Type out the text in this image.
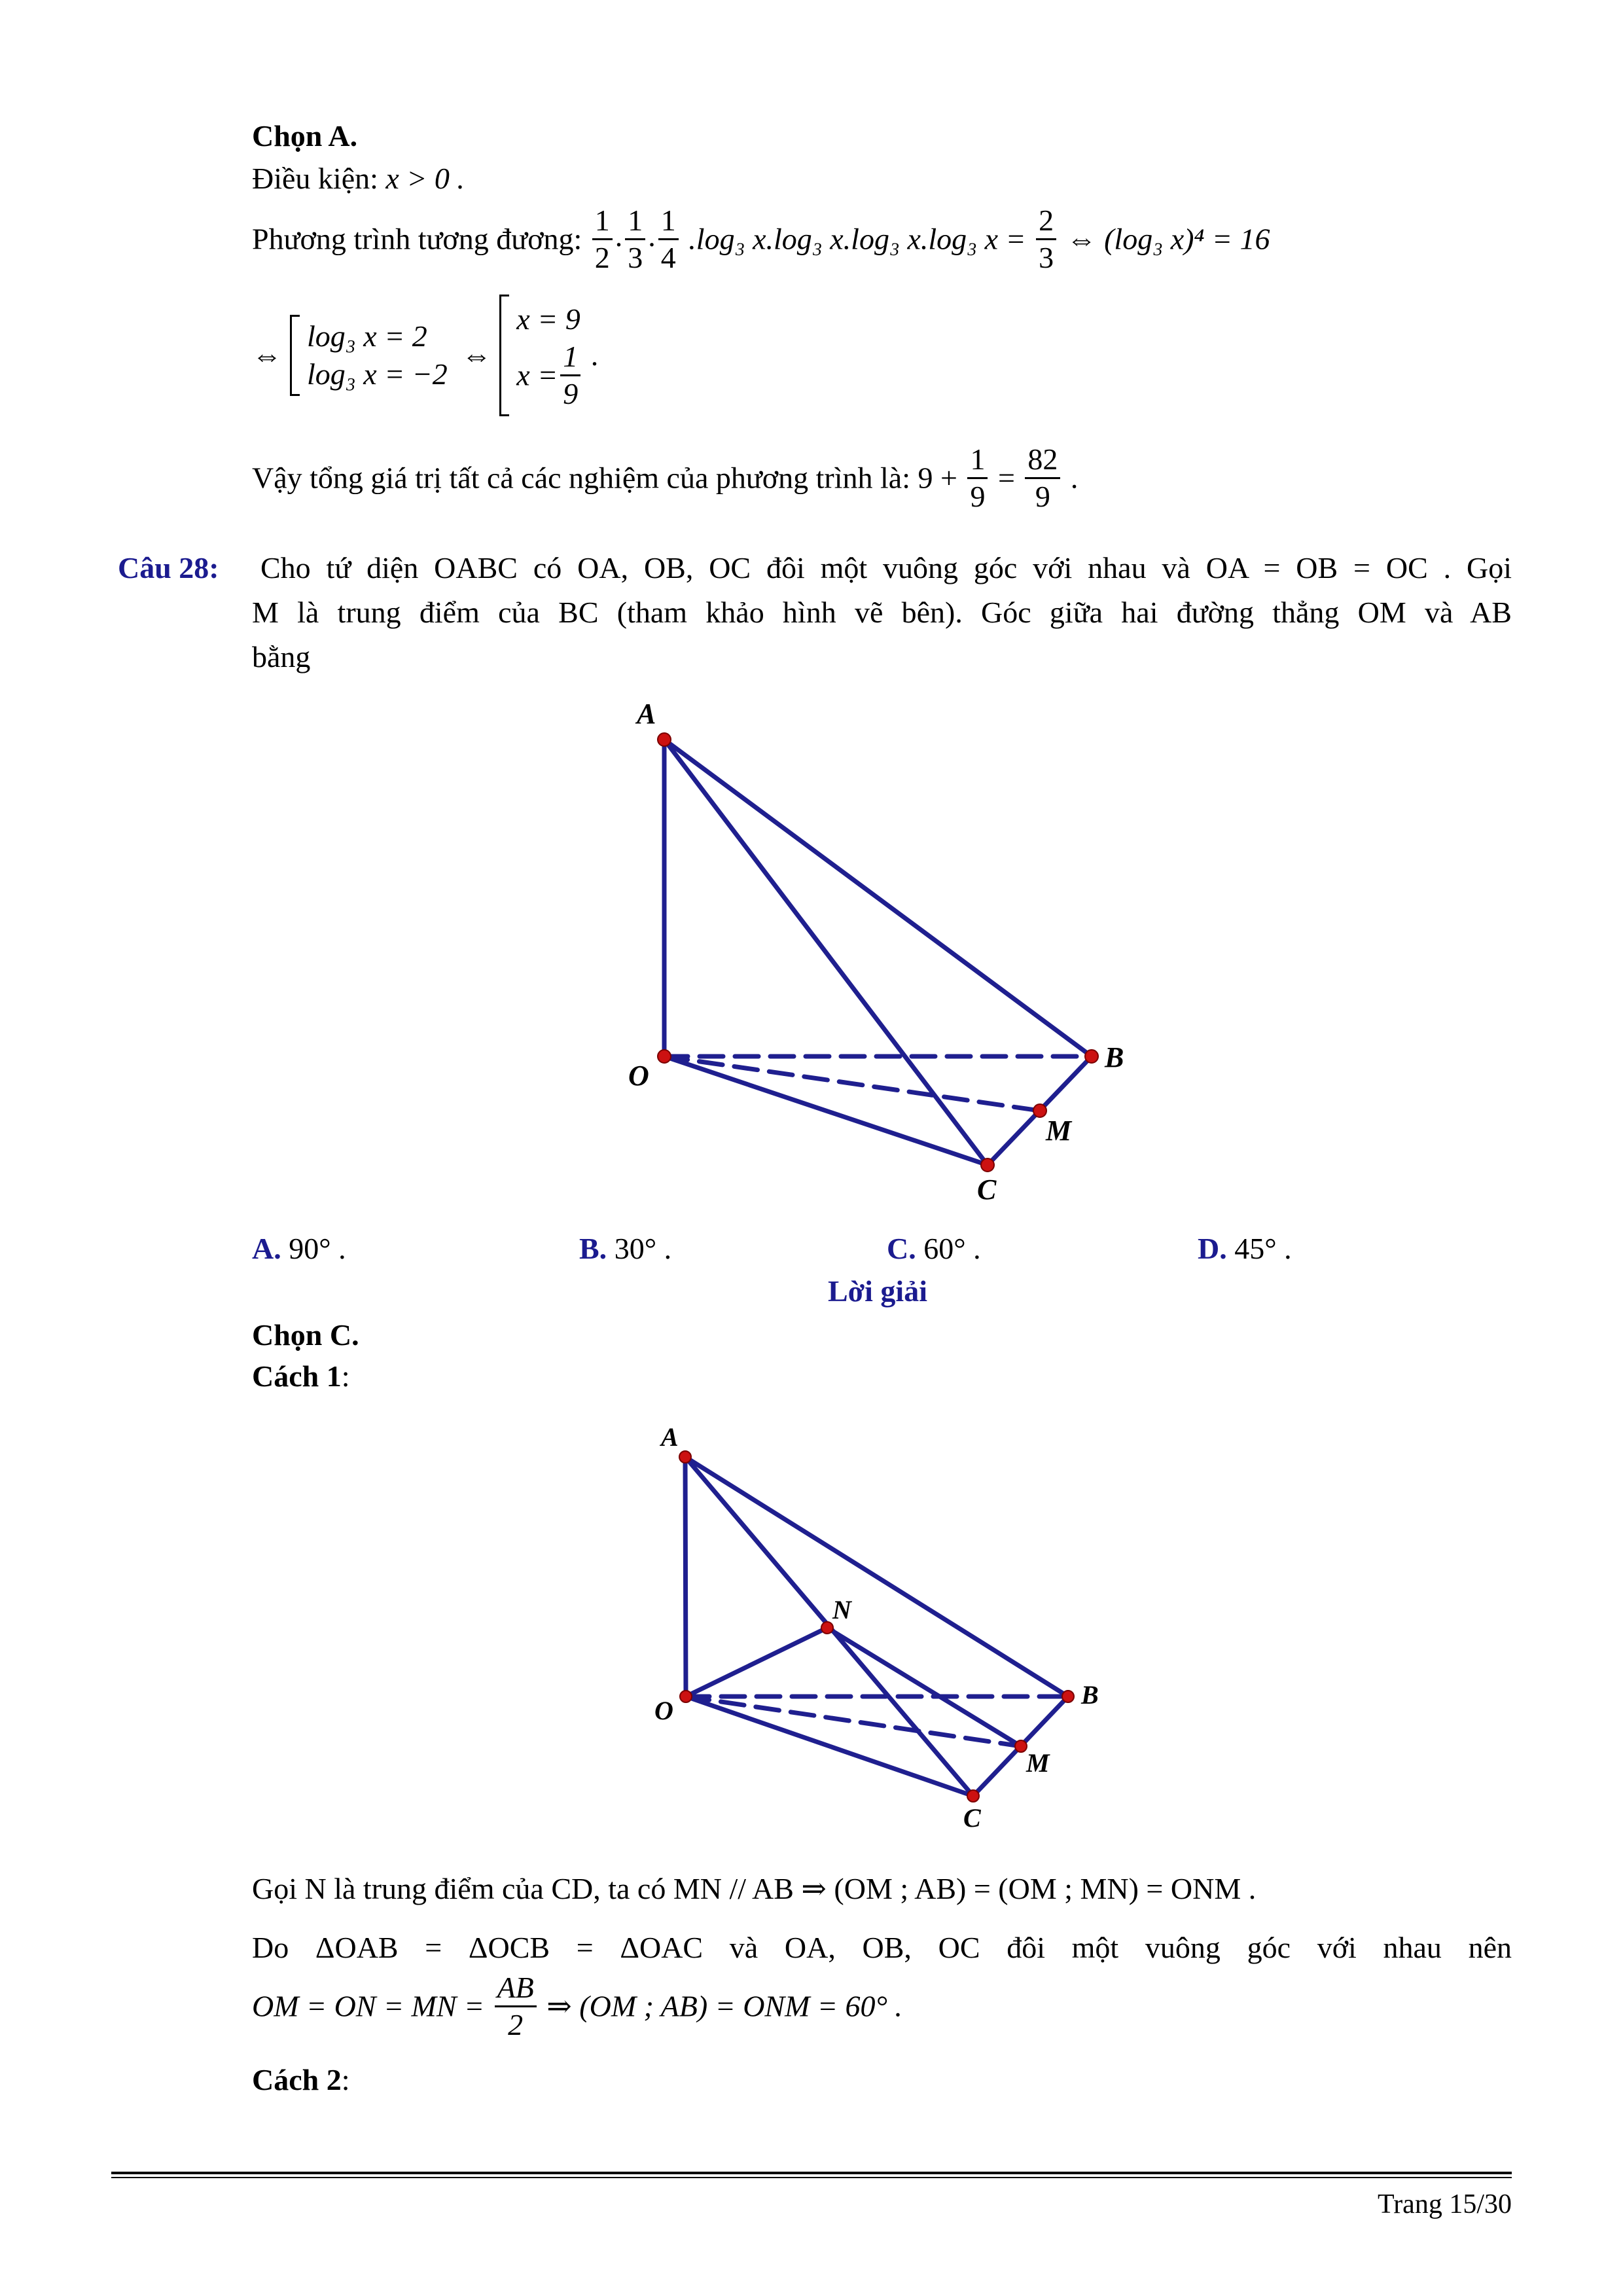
Chọn A.
Điều kiện: x > 0 .
Phương trình tương đương: $\frac{1}{2}$ . $\frac{1}{3}$ . $\frac{1}{4} .\log_3$ x.log₃ x.log₃ x.log₃ $x = \frac{2}{3}$ ⇔ (log₃ x)⁴ = 16
⇔
log₃ x = 2
log₃ x = −2
⇔
x = 9
$x = \frac{1}{9}$ .
Vậy tổng giá trị tất cả các nghiệm của phương trình là: $9 + \frac{1}{9} = \frac{82}{9}$ .
Câu 28: Cho tứ diện OABC có OA, OB, OC đôi một vuông góc với nhau và OA = OB = OC . Gọi
M là trung điểm của BC (tham khảo hình vẽ bên). Góc giữa hai đường thẳng OM và AB
bằng
A
O
B
M
C
A. 90° .	B. 30° .	C. 60° .	D. 45° .
Lời giải
Chọn C.
Cách 1:
A
N
O
B
M
C
Gọi N là trung điểm của CD, ta có MN // AB ⇒ (OM ; AB) = (OM ; MN) = ONM .
Do ΔOAB = ΔOCB = ΔOAC và OA, OB, OC đôi một vuông góc với nhau nên
OM = ON = MN = $\frac{AB}{2}$ ⇒ (OM ; AB) = ONM = 60° .
Cách 2:
Trang 15/30
